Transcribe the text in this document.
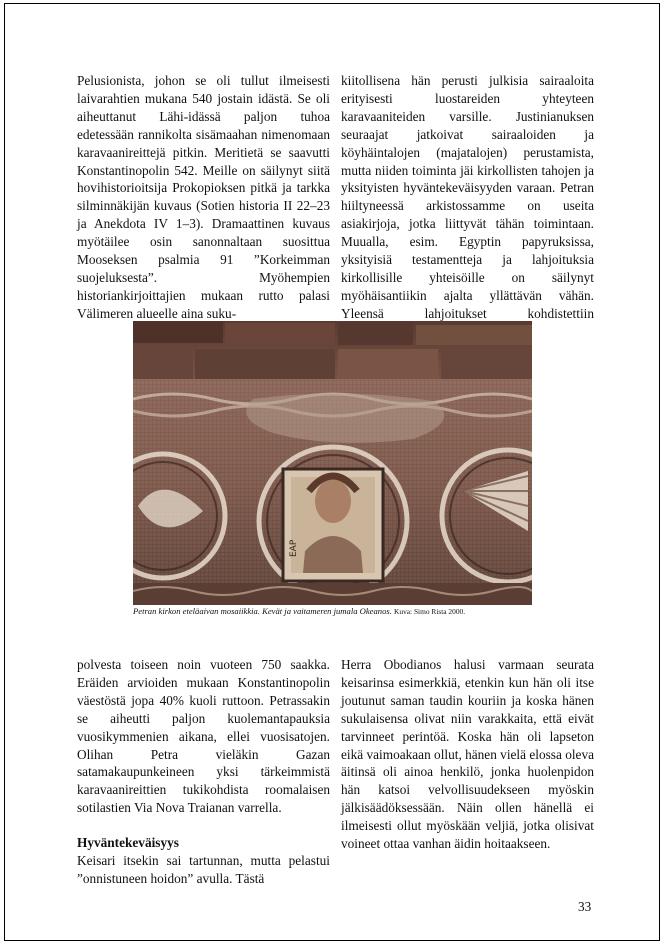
Pelusionista, johon se oli tullut ilmeisesti laivarahtien mukana 540 jostain idästä. Se oli aiheuttanut Lähi-idässä paljon tuhoa edetessään rannikolta sisämaahan nimenomaan karavaanireittejä pitkin. Meritietä se saavutti Konstantinopolin 542. Meille on säilynyt siitä hovihistorioitsija Prokopioksen pitkä ja tarkka silminnäkijän kuvaus (Sotien historia II 22–23 ja Anekdota IV 1–3). Dramaattinen kuvaus myötäilee osin sanonnaltaan suosittua Mooseksen psalmia 91 ”Korkeimman suojeluksesta”. Myöhempien historiankirjoittajien mukaan rutto palasi Välimeren alueelle aina suku-

kiitollisena hän perusti julkisia sairaaloita erityisesti luostareiden yhteyteen karavaaniteiden varsille. Justinianuksen seuraajat jatkoivat sairaaloiden ja köyhäintalojen (majatalojen) perustamista, mutta niiden toiminta jäi kirkollisten tahojen ja yksityisten hyväntekeväisyyden varaan. Petran hiiltyneessä arkistossamme on useita asiakirjoja, jotka liittyvät tähän toimintaan. Muualla, esim. Egyptin papyruksissa, yksityisiä testamentteja ja lahjoituksia kirkollisille yhteisöille on säilynyt myöhäisantiikin ajalta yllättävän vähän. Yleensä lahjoitukset kohdistettiin

ΕΑΡ
Petran kirkon eteläaivan mosaiikkia. Kevät ja vaitameren jumala Okeanos. Kuva: Simo Rista 2000.

polvesta toiseen noin vuoteen 750 saakka. Eräiden arvioiden mukaan Konstantinopolin väestöstä jopa 40% kuoli ruttoon. Petrassakin se aiheutti paljon kuolemantapauksia vuosikymmenien aikana, ellei vuosisatojen. Olihan Petra vieläkin Gazan satamakaupunkeineen yksi tärkeimmistä karavaanireittien tukikohdista roomalaisen sotilastien Via Nova Traianan varrella.

Hyväntekeväisyys

Keisari itsekin sai tartunnan, mutta pelastui ”onnistuneen hoidon” avulla. Tästä

Herra Obodianos halusi varmaan seurata keisarinsa esimerkkiä, etenkin kun hän oli itse joutunut saman taudin kouriin ja koska hänen sukulaisensa olivat niin varakkaita, että eivät tarvinneet perintöä. Koska hän oli lapseton eikä vaimoakaan ollut, hänen vielä elossa oleva äitinsä oli ainoa henkilö, jonka huolenpidon hän katsoi velvollisuudekseen myöskin jälkisäädöksessään. Näin ollen hänellä ei ilmeisesti ollut myöskään veljiä, jotka olisivat voineet ottaa vanhan äidin hoitaakseen.

33
